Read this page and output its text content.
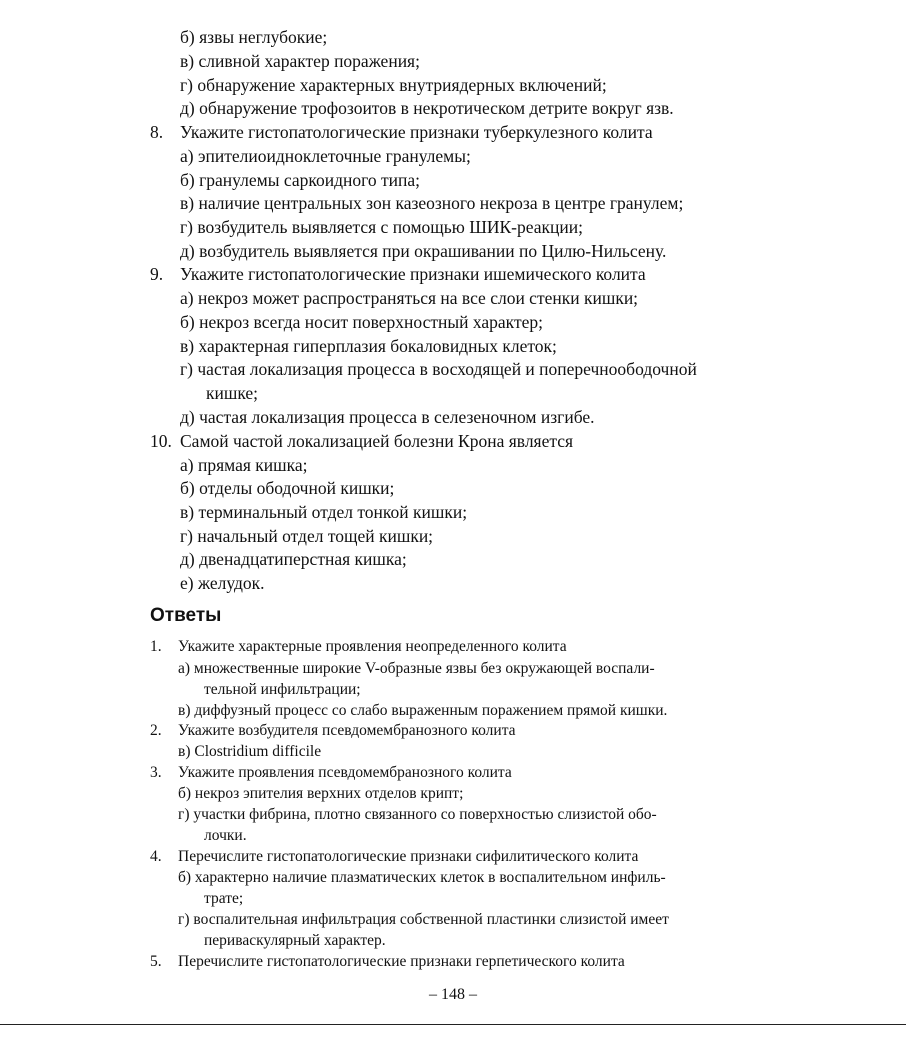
б) язвы неглубокие;
в) сливной характер поражения;
г) обнаружение характерных внутриядерных включений;
д) обнаружение трофозоитов в некротическом детрите вокруг язв.
8. Укажите гистопатологические признаки туберкулезного колита
а) эпителиоидноклеточные гранулемы;
б) гранулемы саркоидного типа;
в) наличие центральных зон казеозного некроза в центре гранулем;
г) возбудитель выявляется с помощью ШИК-реакции;
д) возбудитель выявляется при окрашивании по Цилю-Нильсену.
9. Укажите гистопатологические признаки ишемического колита
а) некроз может распространяться на все слои стенки кишки;
б) некроз всегда носит поверхностный характер;
в) характерная гиперплазия бокаловидных клеток;
г) частая локализация процесса в восходящей и поперечноободочной
кишке;
д) частая локализация процесса в селезеночном изгибе.
10. Самой частой локализацией болезни Крона является
а) прямая кишка;
б) отделы ободочной кишки;
в) терминальный отдел тонкой кишки;
г) начальный отдел тощей кишки;
д) двенадцатиперстная кишка;
е) желудок.
Ответы
1. Укажите характерные проявления неопределенного колита
а) множественные широкие V-образные язвы без окружающей воспали-
тельной инфильтрации;
в) диффузный процесс со слабо выраженным поражением прямой кишки.
2. Укажите возбудителя псевдомембранозного колита
в) Clostridium difficile
3. Укажите проявления псевдомембранозного колита
б) некроз эпителия верхних отделов крипт;
г) участки фибрина, плотно связанного со поверхностью слизистой обо-
лочки.
4. Перечислите гистопатологические признаки сифилитического колита
б) характерно наличие плазматических клеток в воспалительном инфиль-
трате;
г) воспалительная инфильтрация собственной пластинки слизистой имеет
периваскулярный характер.
5. Перечислите гистопатологические признаки герпетического колита
– 148 –
